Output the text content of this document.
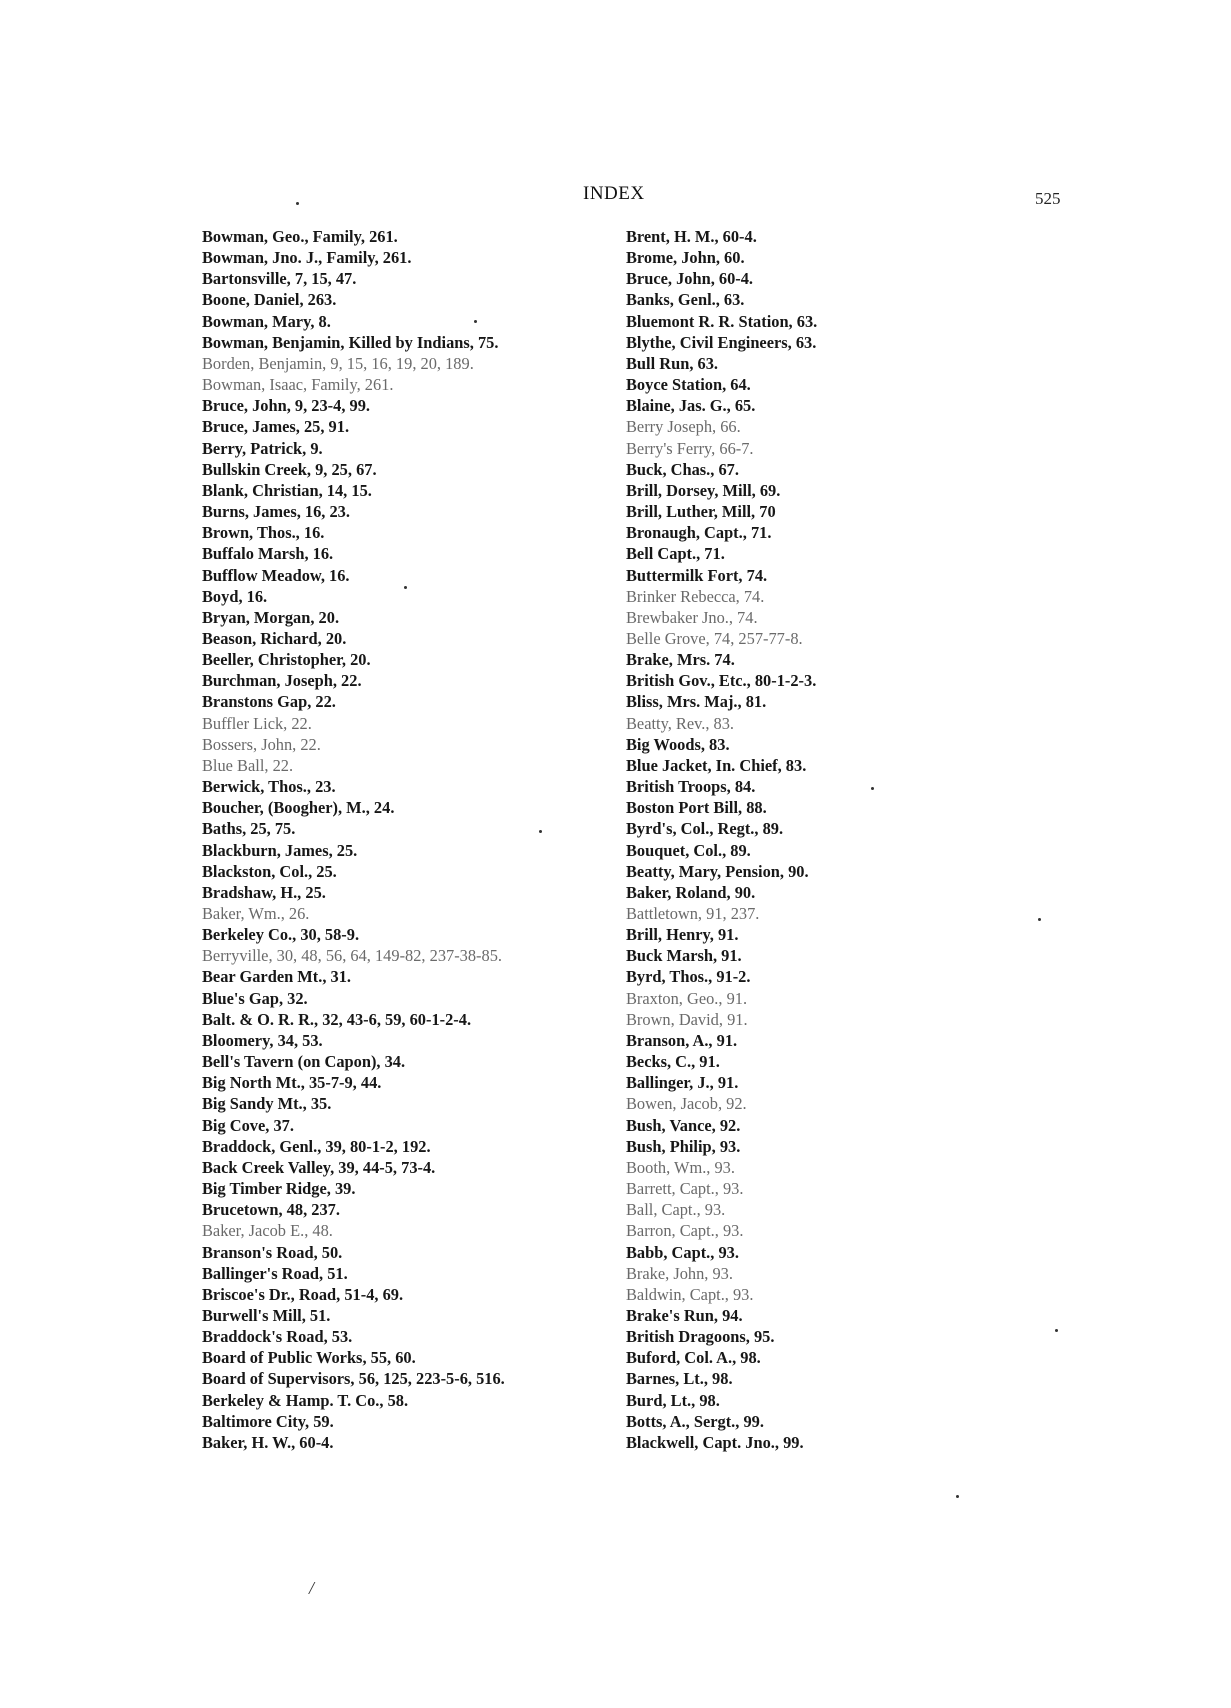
INDEX	525
Bowman, Geo., Family, 261.
Bowman, Jno. J., Family, 261.
Bartonsville, 7, 15, 47.
Boone, Daniel, 263.
Bowman, Mary, 8.
Bowman, Benjamin, Killed by Indians, 75.
Borden, Benjamin, 9, 15, 16, 19, 20, 189.
Bowman, Isaac, Family, 261.
Bruce, John, 9, 23-4, 99.
Bruce, James, 25, 91.
Berry, Patrick, 9.
Bullskin Creek, 9, 25, 67.
Blank, Christian, 14, 15.
Burns, James, 16, 23.
Brown, Thos., 16.
Buffalo Marsh, 16.
Bufflow Meadow, 16.
Boyd, 16.
Bryan, Morgan, 20.
Beason, Richard, 20.
Beeller, Christopher, 20.
Burchman, Joseph, 22.
Branstons Gap, 22.
Buffler Lick, 22.
Bossers, John, 22.
Blue Ball, 22.
Berwick, Thos., 23.
Boucher, (Boogher), M., 24.
Baths, 25, 75.
Blackburn, James, 25.
Blackston, Col., 25.
Bradshaw, H., 25.
Baker, Wm., 26.
Berkeley Co., 30, 58-9.
Berryville, 30, 48, 56, 64, 149-82, 237-38-85.
Bear Garden Mt., 31.
Blue's Gap, 32.
Balt. & O. R. R., 32, 43-6, 59, 60-1-2-4.
Bloomery, 34, 53.
Bell's Tavern (on Capon), 34.
Big North Mt., 35-7-9, 44.
Big Sandy Mt., 35.
Big Cove, 37.
Braddock, Genl., 39, 80-1-2, 192.
Back Creek Valley, 39, 44-5, 73-4.
Big Timber Ridge, 39.
Brucetown, 48, 237.
Baker, Jacob E., 48.
Branson's Road, 50.
Ballinger's Road, 51.
Briscoe's Dr., Road, 51-4, 69.
Burwell's Mill, 51.
Braddock's Road, 53.
Board of Public Works, 55, 60.
Board of Supervisors, 56, 125, 223-5-6, 516.
Berkeley & Hamp. T. Co., 58.
Baltimore City, 59.
Baker, H. W., 60-4.
Brent, H. M., 60-4.
Brome, John, 60.
Bruce, John, 60-4.
Banks, Genl., 63.
Bluemont R. R. Station, 63.
Blythe, Civil Engineers, 63.
Bull Run, 63.
Boyce Station, 64.
Blaine, Jas. G., 65.
Berry Joseph, 66.
Berry's Ferry, 66-7.
Buck, Chas., 67.
Brill, Dorsey, Mill, 69.
Brill, Luther, Mill, 70
Bronaugh, Capt., 71.
Bell Capt., 71.
Buttermilk Fort, 74.
Brinker Rebecca, 74.
Brewbaker Jno., 74.
Belle Grove, 74, 257-77-8.
Brake, Mrs. 74.
British Gov., Etc., 80-1-2-3.
Bliss, Mrs. Maj., 81.
Beatty, Rev., 83.
Big Woods, 83.
Blue Jacket, In. Chief, 83.
British Troops, 84.
Boston Port Bill, 88.
Byrd's, Col., Regt., 89.
Bouquet, Col., 89.
Beatty, Mary, Pension, 90.
Baker, Roland, 90.
Battletown, 91, 237.
Brill, Henry, 91.
Buck Marsh, 91.
Byrd, Thos., 91-2.
Braxton, Geo., 91.
Brown, David, 91.
Branson, A., 91.
Becks, C., 91.
Ballinger, J., 91.
Bowen, Jacob, 92.
Bush, Vance, 92.
Bush, Philip, 93.
Booth, Wm., 93.
Barrett, Capt., 93.
Ball, Capt., 93.
Barron, Capt., 93.
Babb, Capt., 93.
Brake, John, 93.
Baldwin, Capt., 93.
Brake's Run, 94.
British Dragoons, 95.
Buford, Col. A., 98.
Barnes, Lt., 98.
Burd, Lt., 98.
Botts, A., Sergt., 99.
Blackwell, Capt. Jno., 99.
/
